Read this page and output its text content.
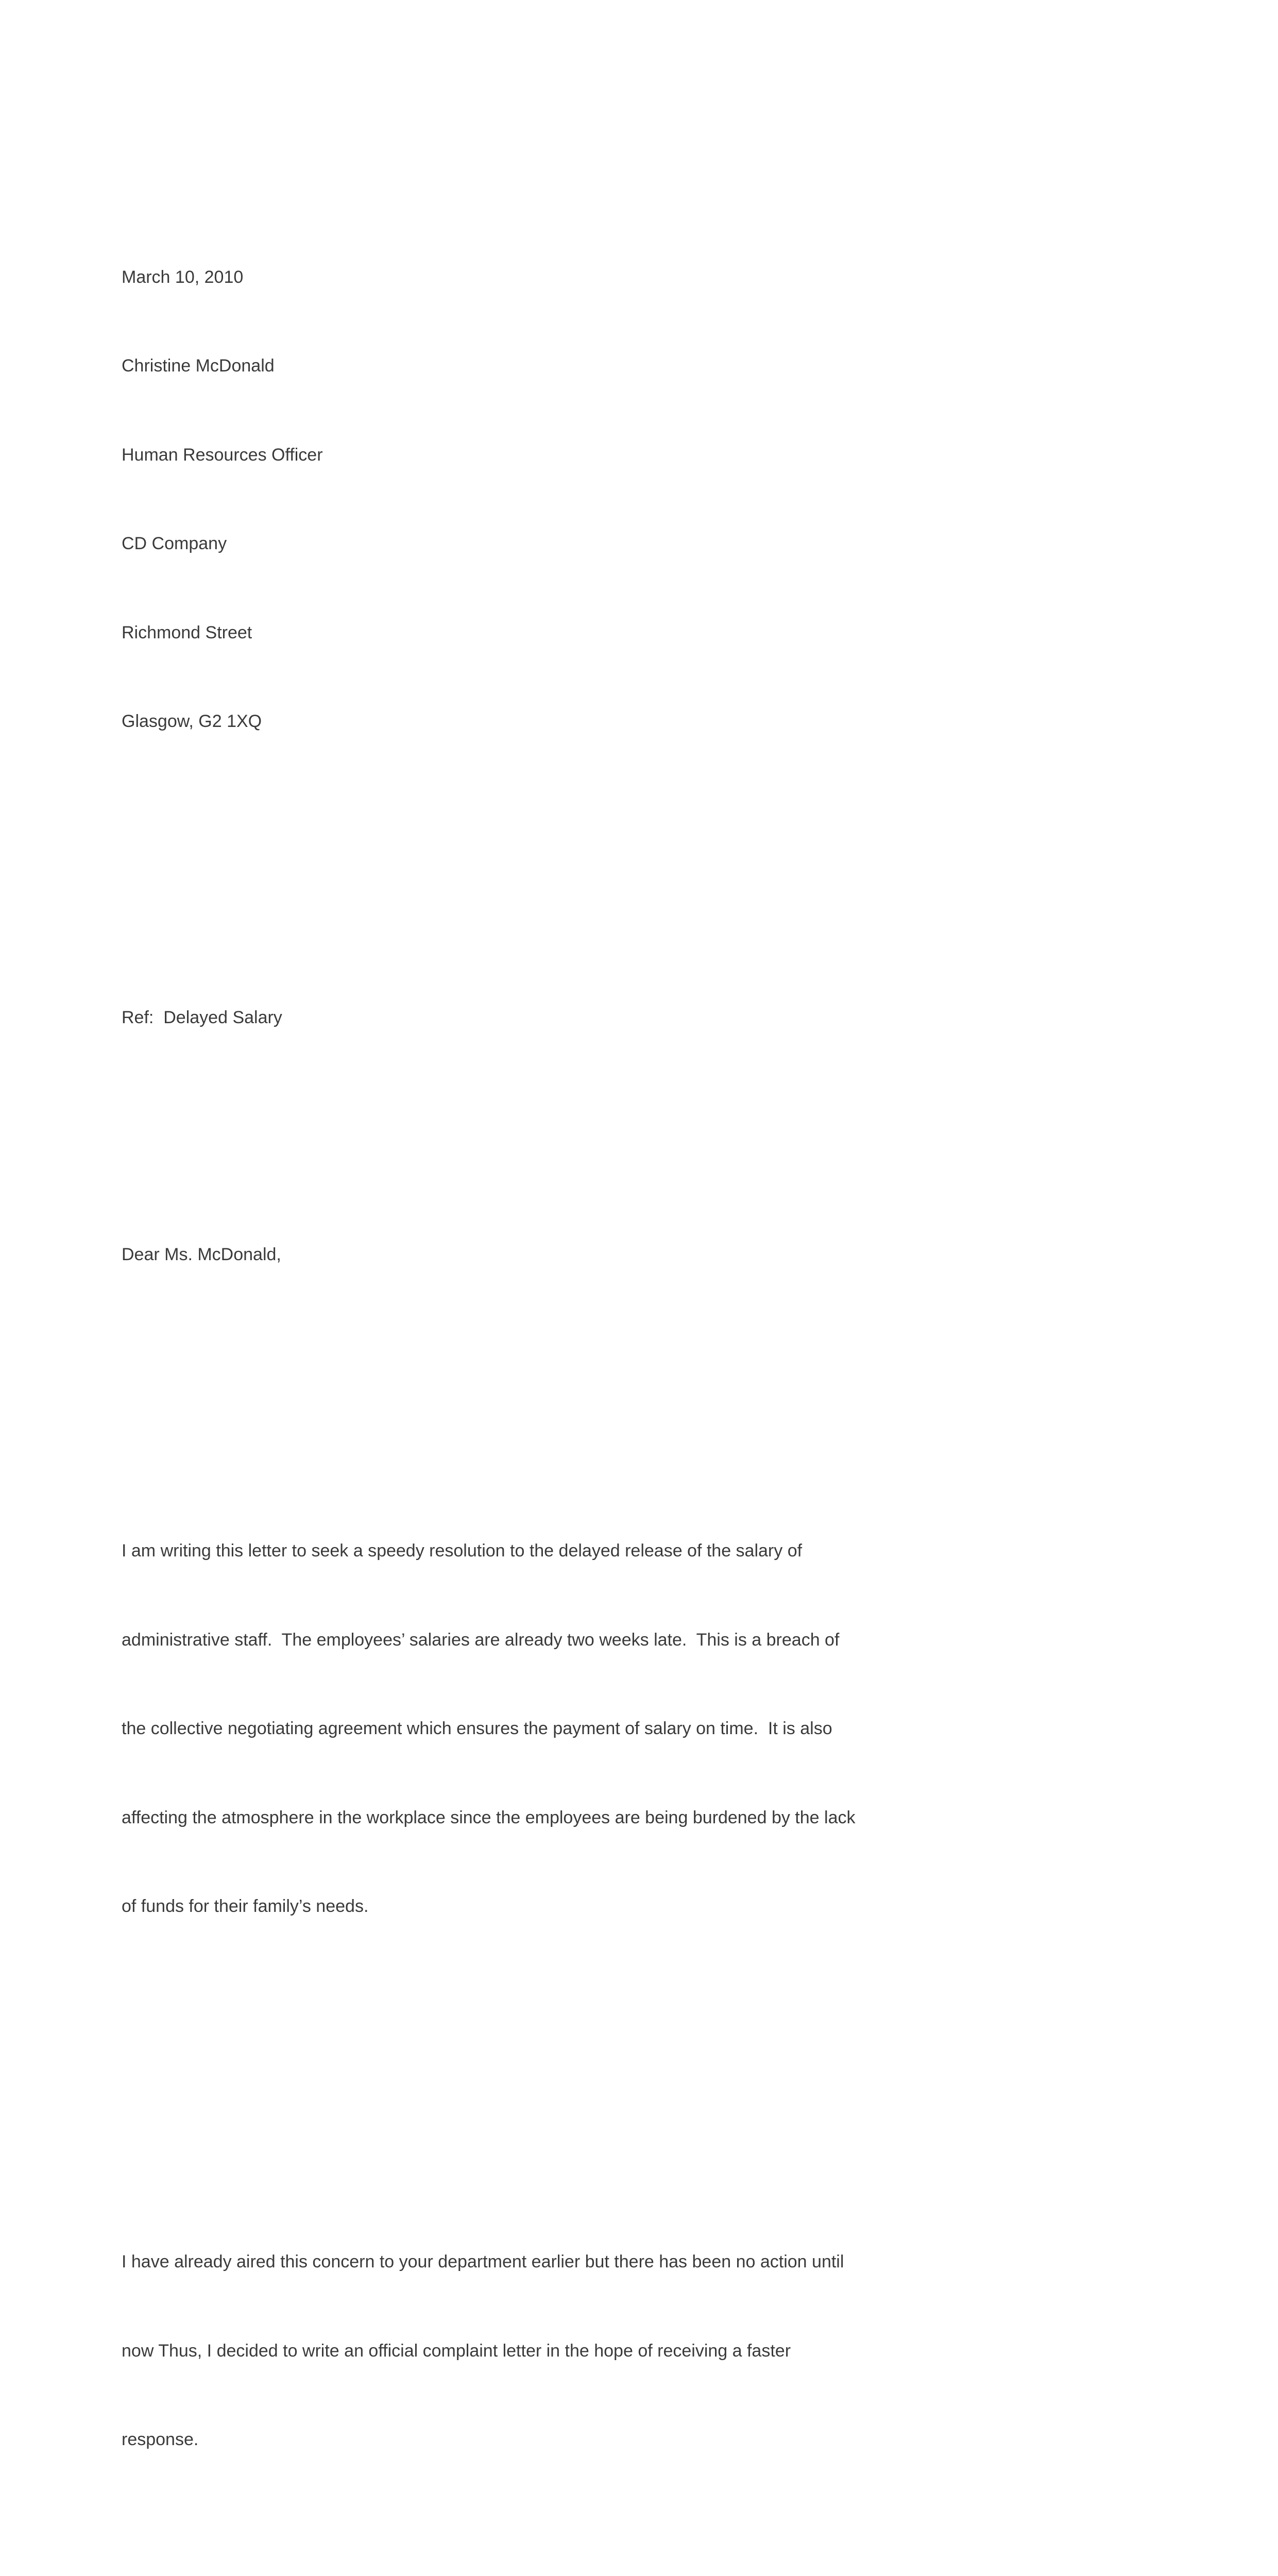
March 10, 2010

Christine McDonald

Human Resources Officer

CD Company

Richmond Street

Glasgow, G2 1XQ

Ref:  Delayed Salary

Dear Ms. McDonald,

I am writing this letter to seek a speedy resolution to the delayed release of the salary of

administrative staff.  The employees’ salaries are already two weeks late.  This is a breach of

the collective negotiating agreement which ensures the payment of salary on time.  It is also

affecting the atmosphere in the workplace since the employees are being burdened by the lack

of funds for their family’s needs.

I have already aired this concern to your department earlier but there has been no action until

now Thus, I decided to write an official complaint letter in the hope of receiving a faster

response.
